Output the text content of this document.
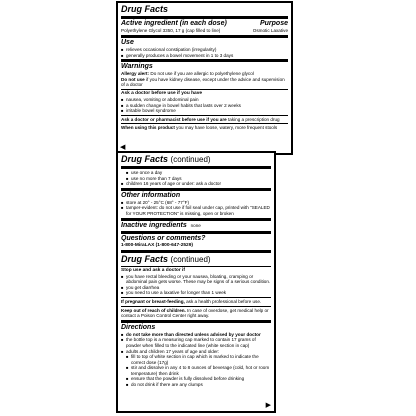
Drug Facts
Active ingredient (in each dose)	Purpose
Polyethylene Glycol 3350, 17 g (cap filled to line)	Osmotic Laxative
Use
■ relieves occasional constipation (irregularity)
■ generally produces a bowel movement in 1 to 3 days
Warnings
Allergy alert: Do not use if you are allergic to polyethylene glycol
Do not use if you have kidney disease, except under the advice and supervision of a doctor
Ask a doctor before use if you have
■ nausea, vomiting or abdominal pain
■ a sudden change in bowel habits that lasts over 2 weeks
■ irritable bowel syndrome
Ask a doctor or pharmacist before use if you are taking a prescription drug
When using this product you may have loose, watery, more frequent stools
◀
Drug Facts (continued)
■ use once a day
■ use no more than 7 days
■ children 16 years of age or under: ask a doctor
Other information
■ store at 20° - 25°C (68° - 77°F)
■ tamper-evident: do not use if foil seal under cap, printed with "SEALED for YOUR PROTECTION" is missing, open or broken
Inactive ingredients none
Questions or comments?
1-800-MiraLAX (1-800-647-2529)
Drug Facts (continued)
Stop use and ask a doctor if
■ you have rectal bleeding or your nausea, bloating, cramping or abdominal pain gets worse. These may be signs of a serious condition.
■ you get diarrhea
■ you need to use a laxative for longer than 1 week
If pregnant or breast-feeding, ask a health professional before use.
Keep out of reach of children. In case of overdose, get medical help or contact a Poison Control Center right away.
Directions
■ do not take more than directed unless advised by your doctor
■ the bottle top is a measuring cap marked to contain 17 grams of powder when filled to the indicated line (white section in cap)
■ adults and children 17 years of age and older:
■ fill to top of white section in cap which is marked to indicate the correct dose (17g)
■ stir and dissolve in any 4 to 8 ounces of beverage (cold, hot or room temperature) then drink
■ ensure that the powder is fully dissolved before drinking
■ do not drink if there are any clumps
▶
